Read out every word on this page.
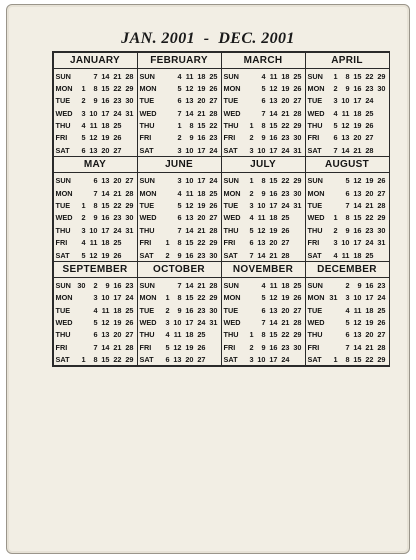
JAN. 2001  -  DEC. 2001
JANUARY
SUN	7 14 21 28
MON	1	8 15 22 29
TUE	2	9 16 23 30
WED	3 10 17 24 31
THU	4 11 18 25
FRI	5 12 19 26
SAT	6 13 20 27
FEBRUARY
SUN	4 11 18 25
MON	5 12 19 26
TUE	6 13 20 27
WED	7 14 21 28
THU	1	8 15 22
FRI	2	9 16 23
SAT	3 10 17 24
MARCH
SUN	4 11 18 25
MON	5 12 19 26
TUE	6 13 20 27
WED	7 14 21 28
THU	1	8 15 22 29
FRI	2	9 16 23 30
SAT	3 10 17 24 31
APRIL
SUN	1	8 15 22 29
MON	2	9 16 23 30
TUE	3 10 17 24
WED	4 11 18 25
THU	5 12 19 26
FRI	6 13 20 27
SAT	7 14 21 28
MAY
SUN	6 13 20 27
MON	7 14 21 28
TUE	1	8 15 22 29
WED	2	9 16 23 30
THU	3 10 17 24 31
FRI	4 11 18 25
SAT	5 12 19 26
JUNE
SUN	3 10 17 24
MON	4 11 18 25
TUE	5 12 19 26
WED	6 13 20 27
THU	7 14 21 28
FRI	1	8 15 22 29
SAT	2	9 16 23 30
JULY
SUN	1	8 15 22 29
MON	2	9 16 23 30
TUE	3 10 17 24 31
WED	4 11 18 25
THU	5 12 19 26
FRI	6 13 20 27
SAT	7 14 21 28
AUGUST
SUN	5 12 19 26
MON	6 13 20 27
TUE	7 14 21 28
WED	1	8 15 22 29
THU	2	9 16 23 30
FRI	3 10 17 24 31
SAT	4 11 18 25
SEPTEMBER
SUN 30	2	9 16 23
MON	3 10 17 24
TUE	4 11 18 25
WED	5 12 19 26
THU	6 13 20 27
FRI	7 14 21 28
SAT	1	8 15 22 29
OCTOBER
SUN	7 14 21 28
MON	1	8 15 22 29
TUE	2	9 16 23 30
WED	3 10 17 24 31
THU	4 11 18 25
FRI	5 12 19 26
SAT	6 13 20 27
NOVEMBER
SUN	4 11 18 25
MON	5 12 19 26
TUE	6 13 20 27
WED	7 14 21 28
THU	1	8 15 22 29
FRI	2	9 16 23 30
SAT	3 10 17 24
DECEMBER
SUN	2	9 16 23
MON 31	3 10 17 24
TUE	4 11 18 25
WED	5 12 19 26
THU	6 13 20 27
FRI	7 14 21 28
SAT	1	8 15 22 29
